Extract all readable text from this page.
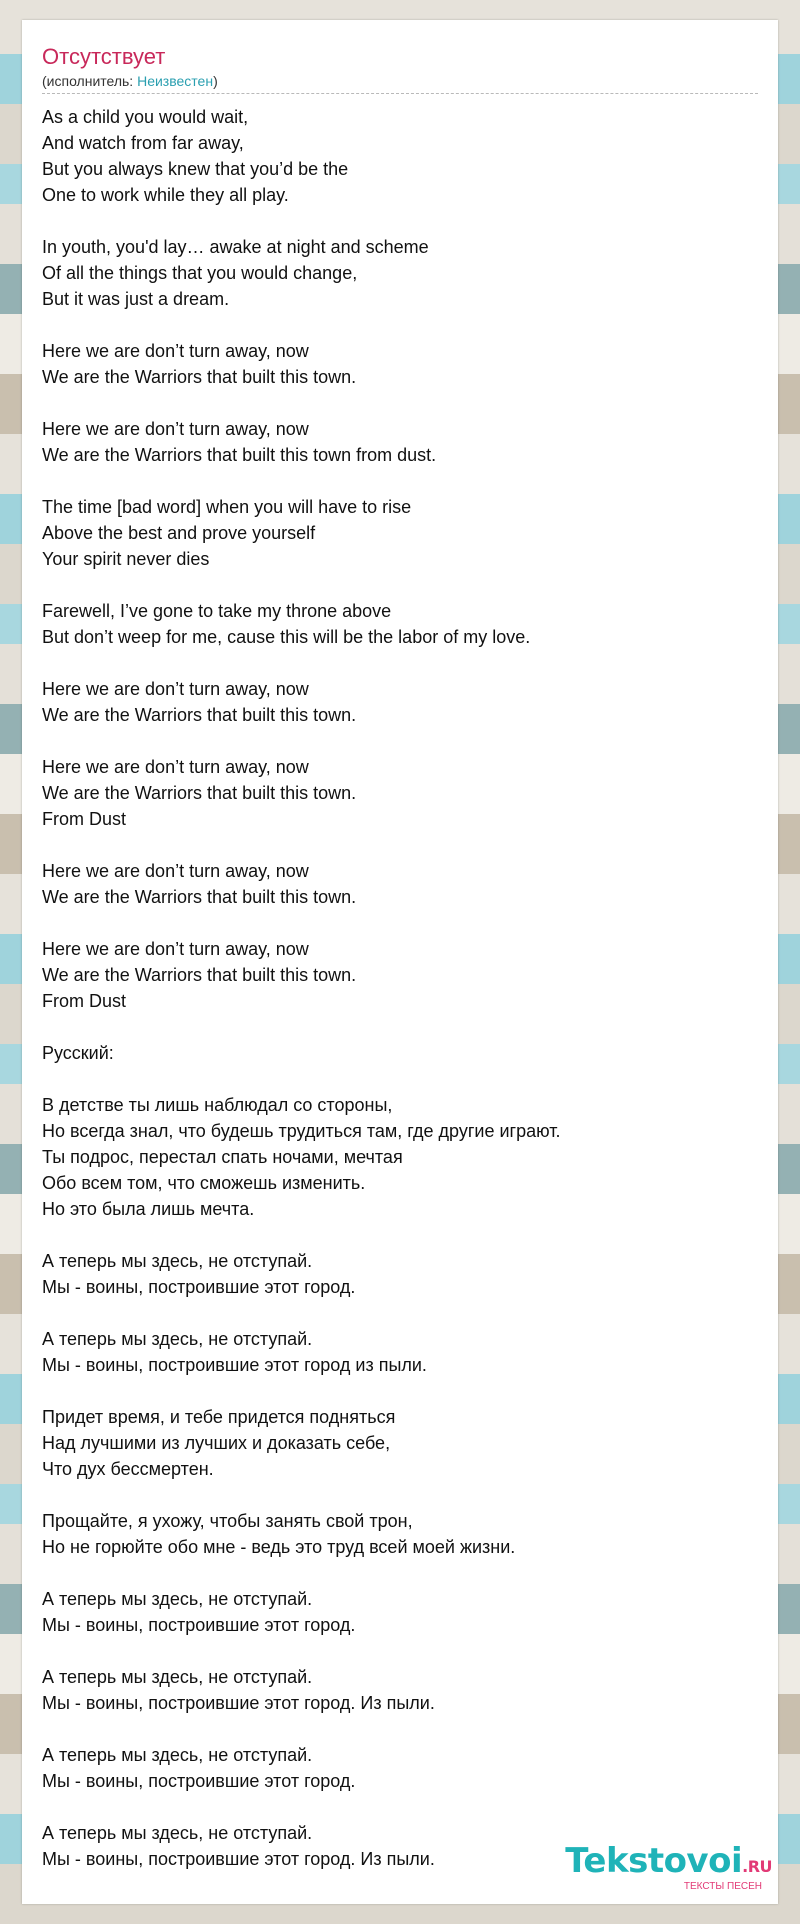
Отсутствует
(исполнитель: Неизвестен)
As a child you would wait,
And watch from far away,
But you always knew that you’d be the
One to work while they all play.
In youth, you'd lay… awake at night and scheme
Of all the things that you would change,
But it was just a dream.
Here we are don’t turn away, now
We are the Warriors that built this town.
Here we are don’t turn away, now
We are the Warriors that built this town from dust.
The time [bad word] when you will have to rise
Above the best and prove yourself
Your spirit never dies
Farewell, I’ve gone to take my throne above
But don’t weep for me, cause this will be the labor of my love.
Here we are don’t turn away, now
We are the Warriors that built this town.
Here we are don’t turn away, now
We are the Warriors that built this town.
From Dust
Here we are don’t turn away, now
We are the Warriors that built this town.
Here we are don’t turn away, now
We are the Warriors that built this town.
From Dust
Русский:
В детстве ты лишь наблюдал со стороны,
Но всегда знал, что будешь трудиться там, где другие играют.
Ты подрос, перестал спать ночами, мечтая
Обо всем том, что сможешь изменить.
Но это была лишь мечта.
А теперь мы здесь, не отступай.
Мы - воины, построившие этот город.
А теперь мы здесь, не отступай.
Мы - воины, построившие этот город из пыли.
Придет время, и тебе придется подняться
Над лучшими из лучших и доказать себе,
Что дух бессмертен.
Прощайте, я ухожу, чтобы занять свой трон,
Но не горюйте обо мне - ведь это труд всей моей жизни.
А теперь мы здесь, не отступай.
Мы - воины, построившие этот город.
А теперь мы здесь, не отступай.
Мы - воины, построившие этот город. Из пыли.
А теперь мы здесь, не отступай.
Мы - воины, построившие этот город.
А теперь мы здесь, не отступай.
Мы - воины, построившие этот город. Из пыли.	Tekstovoi.RU
ТЕКСТЫ ПЕСЕН
